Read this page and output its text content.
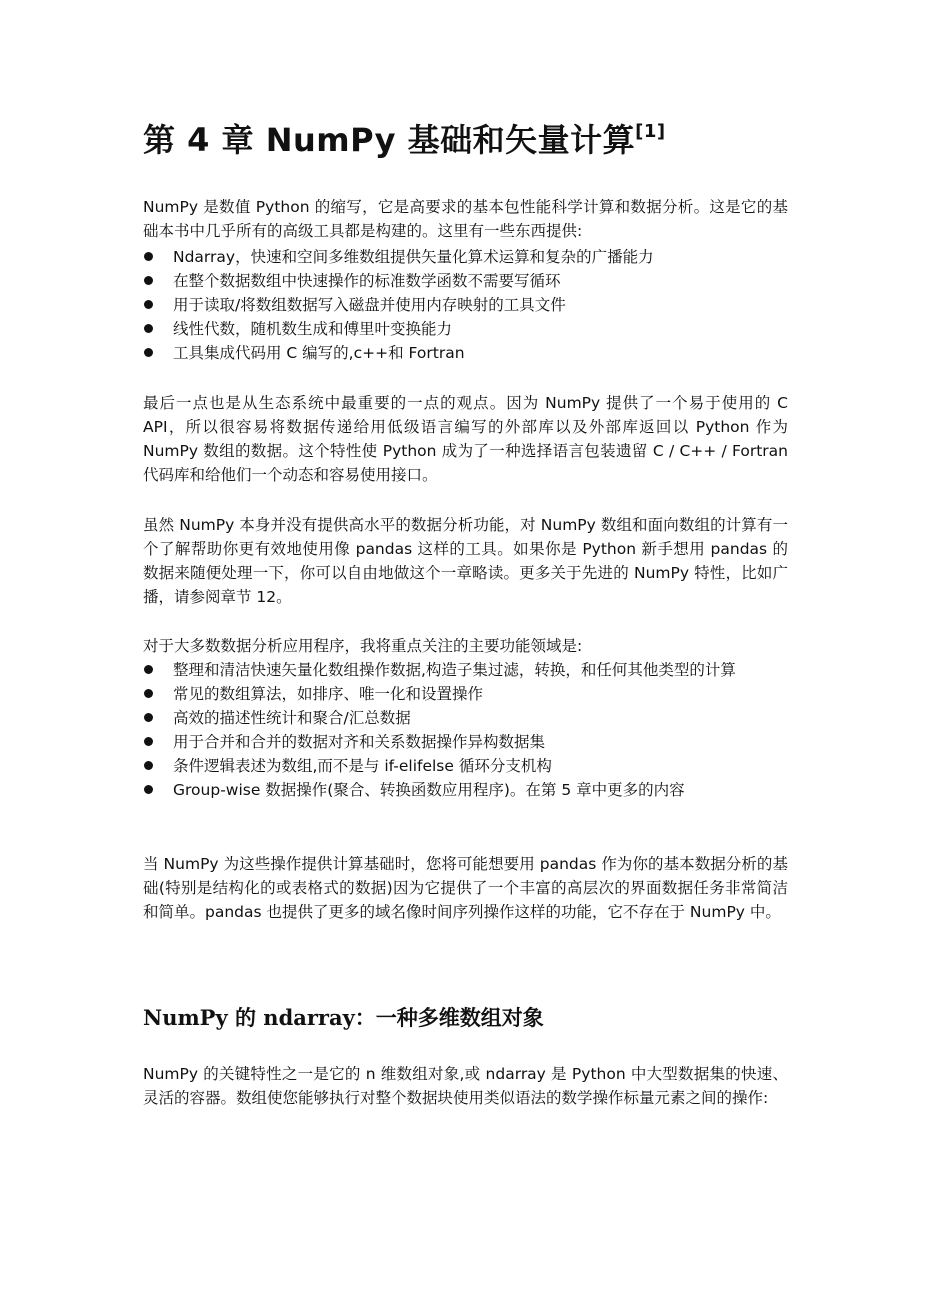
第 4 章 NumPy 基础和矢量计算[1]

NumPy 是数值 Python 的缩写，它是高要求的基本包性能科学计算和数据分析。这是它的基础本书中几乎所有的高级工具都是构建的。这里有一些东西提供:

Ndarray，快速和空间多维数组提供矢量化算术运算和复杂的广播能力
在整个数据数组中快速操作的标准数学函数不需要写循环
用于读取/将数组数据写入磁盘并使用内存映射的工具文件
线性代数，随机数生成和傅里叶变换能力
工具集成代码用 C 编写的,c++和 Fortran

最后一点也是从生态系统中最重要的一点的观点。因为 NumPy 提供了一个易于使用的 C API，所以很容易将数据传递给用低级语言编写的外部库以及外部库返回以 Python 作为 NumPy 数组的数据。这个特性使 Python 成为了一种选择语言包装遗留 C / C++ / Fortran 代码库和给他们一个动态和容易使用接口。

虽然 NumPy 本身并没有提供高水平的数据分析功能，对 NumPy 数组和面向数组的计算有一个了解帮助你更有效地使用像 pandas 这样的工具。如果你是 Python 新手想用 pandas 的数据来随便处理一下，你可以自由地做这个一章略读。更多关于先进的 NumPy 特性，比如广播，请参阅章节 12。

对于大多数数据分析应用程序，我将重点关注的主要功能领域是:

整理和清洁快速矢量化数组操作数据,构造子集过滤，转换，和任何其他类型的计算
常见的数组算法，如排序、唯一化和设置操作
高效的描述性统计和聚合/汇总数据
用于合并和合并的数据对齐和关系数据操作异构数据集
条件逻辑表述为数组,而不是与 if-elifelse 循环分支机构
Group-wise 数据操作(聚合、转换函数应用程序)。在第 5 章中更多的内容

当 NumPy 为这些操作提供计算基础时，您将可能想要用 pandas 作为你的基本数据分析的基础(特别是结构化的或表格式的数据)因为它提供了一个丰富的高层次的界面数据任务非常简洁和简单。pandas 也提供了更多的域名像时间序列操作这样的功能，它不存在于 NumPy 中。

NumPy 的 ndarray：一种多维数组对象

NumPy 的关键特性之一是它的 n 维数组对象,或 ndarray 是 Python 中大型数据集的快速、灵活的容器。数组使您能够执行对整个数据块使用类似语法的数学操作标量元素之间的操作:
